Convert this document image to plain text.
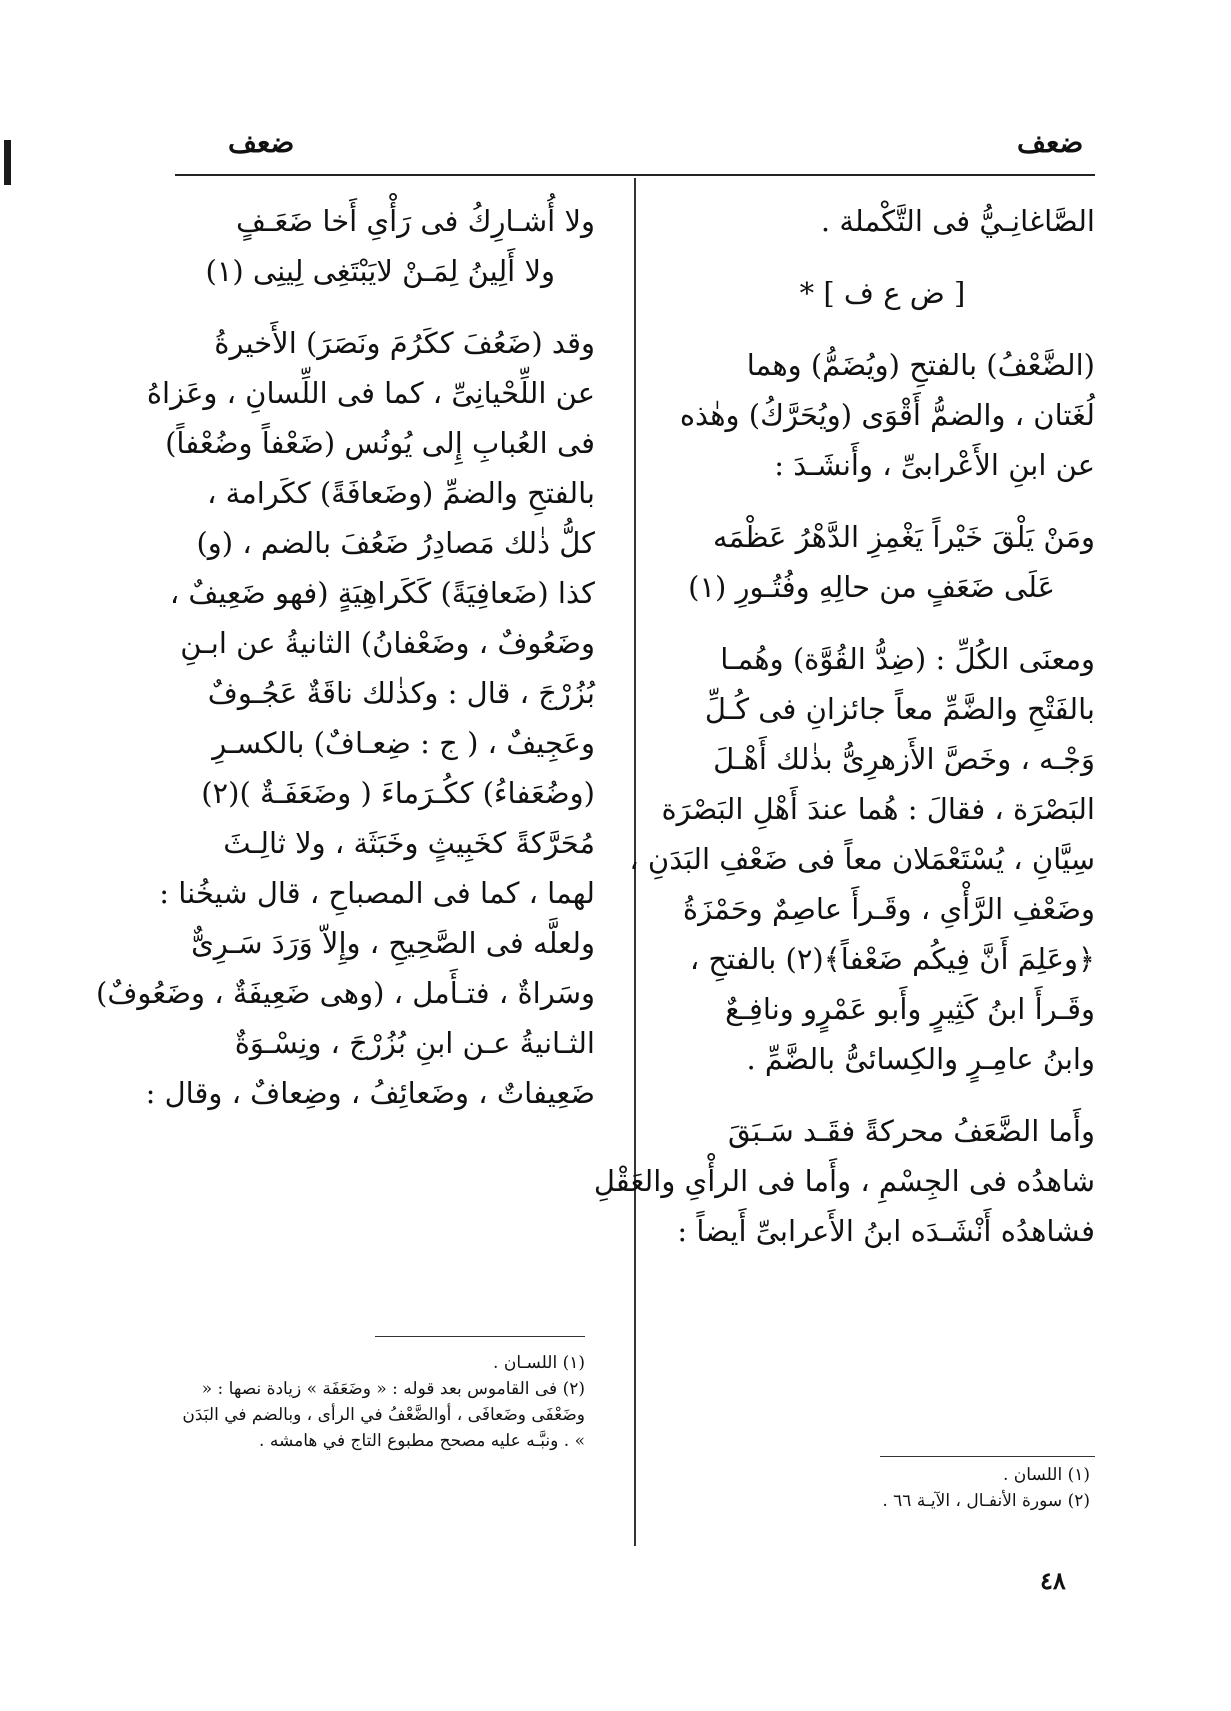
ضعف
ضعف
الصَّاغانِـيُّ فى التَّكْملة .
[ ض ع ف ] *
(الضَّعْفُ) بالفتحِ (ويُضَمُّ) وهما
لُغَتان ، والضمُّ أَقْوَى (ويُحَرَّكُ) وهٰذه
عن ابنِ الأَعْرابىِّ ، وأَنشَـدَ :
ومَنْ يَلْقَ خَيْراً يَغْمِزِ الدَّهْرُ عَظْمَه
عَلَى ضَعَفٍ من حالِهِ وفُتُـورِ (١)
ومعنَى الكُلِّ : (ضِدُّ القُوَّة) وهُمـا
بالفَتْحِ والضَّمِّ معاً جائزانِ فى كُـلِّ
وَجْـه ، وخَصَّ الأَزهرِىُّ بذٰلك أَهْـلَ
البَصْرَة ، فقالَ : هُما عندَ أَهْلِ البَصْرَة
سِيَّانِ ، يُسْتَعْمَلان معاً فى ضَعْفِ البَدَنِ ،
وضَعْفِ الرَّأْىِ ، وقَـرأَ عاصِمٌ وحَمْزَةُ
﴿وعَلِمَ أَنَّ فِيكُم ضَعْفاً﴾(٢) بالفتحِ ،
وقَـرأَ ابنُ كَثِيرٍ وأَبو عَمْرٍو ونافِـعٌ
وابنُ عامِـرٍ والكِسائىُّ بالضَّمِّ .
وأَما الضَّعَفُ محركةً فقَـد سَـبَقَ
شاهدُه فى الجِسْمِ ، وأَما فى الرأْىِ والعَقْلِ
فشاهدُه أَنْشَـدَه ابنُ الأَعرابىِّ أَيضاً :
(١) اللسان .
(٢) سورة الأنفـال ، الآيـة ٦٦ .
ولا أُشـارِكُ فى رَأْىِ أَخا ضَعَـفٍ
ولا أَلِينُ لِمَـنْ لايَبْتَغِى لِينِى (١)
وقد (ضَعُفَ ككَرُمَ ونَصَرَ) الأَخيرةُ
عن اللِّحْيانِىِّ ، كما فى اللِّسانِ ، وعَزاهُ
فى العُبابِ إِلى يُونُس (ضَعْفاً وضُعْفاً)
بالفتحِ والضمِّ (وضَعافَةً) ككَرامة ،
كلُّ ذٰلك مَصادِرُ ضَعُفَ بالضم ، (و)
كذا (ضَعافِيَةً) كَكَراهِيَةٍ (فهو ضَعِيفٌ ،
وضَعُوفٌ ، وضَعْفانُ) الثانيةُ عن ابـنِ
بُزُرْجَ ، قال : وكذٰلك ناقَةٌ عَجُـوفٌ
وعَجِيفٌ ، ( ج : ضِعـافٌ) بالكسـرِ
(وضُعَفاءُ) ككُـرَماءَ ( وضَعَفَـةٌ )(٢)
مُحَرَّكةً كخَبِيثٍ وخَبَثَة ، ولا ثالِـثَ
لهما ، كما فى المصباحِ ، قال شيخُنا :
ولعلَّه فى الصَّحِيحِ ، وإِلاّ وَرَدَ سَـرِىٌّ
وسَراةٌ ، فتـأَمل ، (وهى ضَعِيفَةٌ ، وضَعُوفٌ)
الثـانيةُ عـن ابنِ بُزُرْجَ ، ونِسْـوَةٌ
ضَعِيفاتٌ ، وضَعائِفُ ، وضِعافٌ ، وقال :
(١) اللسـان .
(٢) فى القاموس بعد قوله : « وضَعَفَة » زيادة نصها : « وضَعْفَى وضَعافَى ، أوالضَّعْفُ في الرأى ، وبالضم في البَدَن » . ونبَّـه عليه مصحح مطبوع التاج في هامشه .
٤٨
